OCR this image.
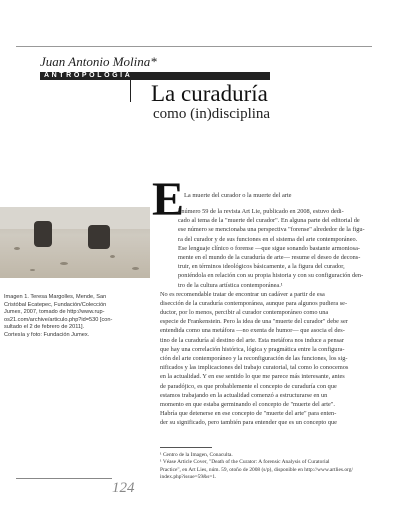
Juan Antonio Molina*
ANTROPOLOGÍA
La curaduría
como (in)disciplina
Imagen 1. Teresa Margolles, Mende, San
Cristóbal Ecatepec, Fundación/Colección
Jumex, 2007, tomado de http://www.rup-
os21.com/archive/articulo.php?id=530 [con-
sultado el 2 de febrero de 2011].
Cortesía y foto: Fundación Jumex.
E La muerte del curador o la muerte del arte
l número 59 de la revista Art Lie, publicado en 2008, estuvo dedi-
cado al tema de la "muerte del curador". En alguna parte del editorial de
ese número se mencionaba una perspectiva "forense" alrededor de la figu-
ra del curador y de sus funciones en el sistema del arte contemporáneo.
Ese lenguaje clínico o forense —que sigue sonando bastante armoniosa-
mente en el mundo de la curaduría de arte— resume el deseo de decons-
truir, en términos ideológicos básicamente, a la figura del curador,
poniéndola en relación con su propia historia y con su configuración den-
tro de la cultura artística contemporánea.¹
No es recomendable tratar de encontrar un cadáver a partir de esa
disección de la curaduría contemporánea, aunque para algunos pudiera se-
ductor, por lo menos, percibir al curador contemporáneo como una
especie de Frankenstein. Pero la idea de una "muerte del curador" debe ser
entendida como una metáfora —no exenta de humor— que asocia el des-
tino de la curaduría al destino del arte. Esta metáfora nos induce a pensar
que hay una correlación histórica, lógica y pragmática entre la configura-
ción del arte contemporáneo y la reconfiguración de las funciones, los sig-
nificados y las implicaciones del trabajo curatorial, tal como lo conocemos
en la actualidad. Y en ese sentido lo que me parece más interesante, antes
de paradójico, es que probablemente el concepto de curaduría con que
estamos trabajando en la actualidad comenzó a estructurarse en un
momento en que estaba germinando el concepto de "muerte del arte".
Habría que detenerse en ese concepto de "muerte del arte" para enten-
der su significado, pero también para entender que es un concepto que
¹ Centro de la Imagen, Conaculta.
¹ Véase Article Cover, "Death of the Curator: A forensic Analysis of Curatorial
Practice", en Art Lies, núm. 59, otoño de 2008 (s/p), disponible en http://www.artlies.org/
index.php?issue=59&s=1.
124
